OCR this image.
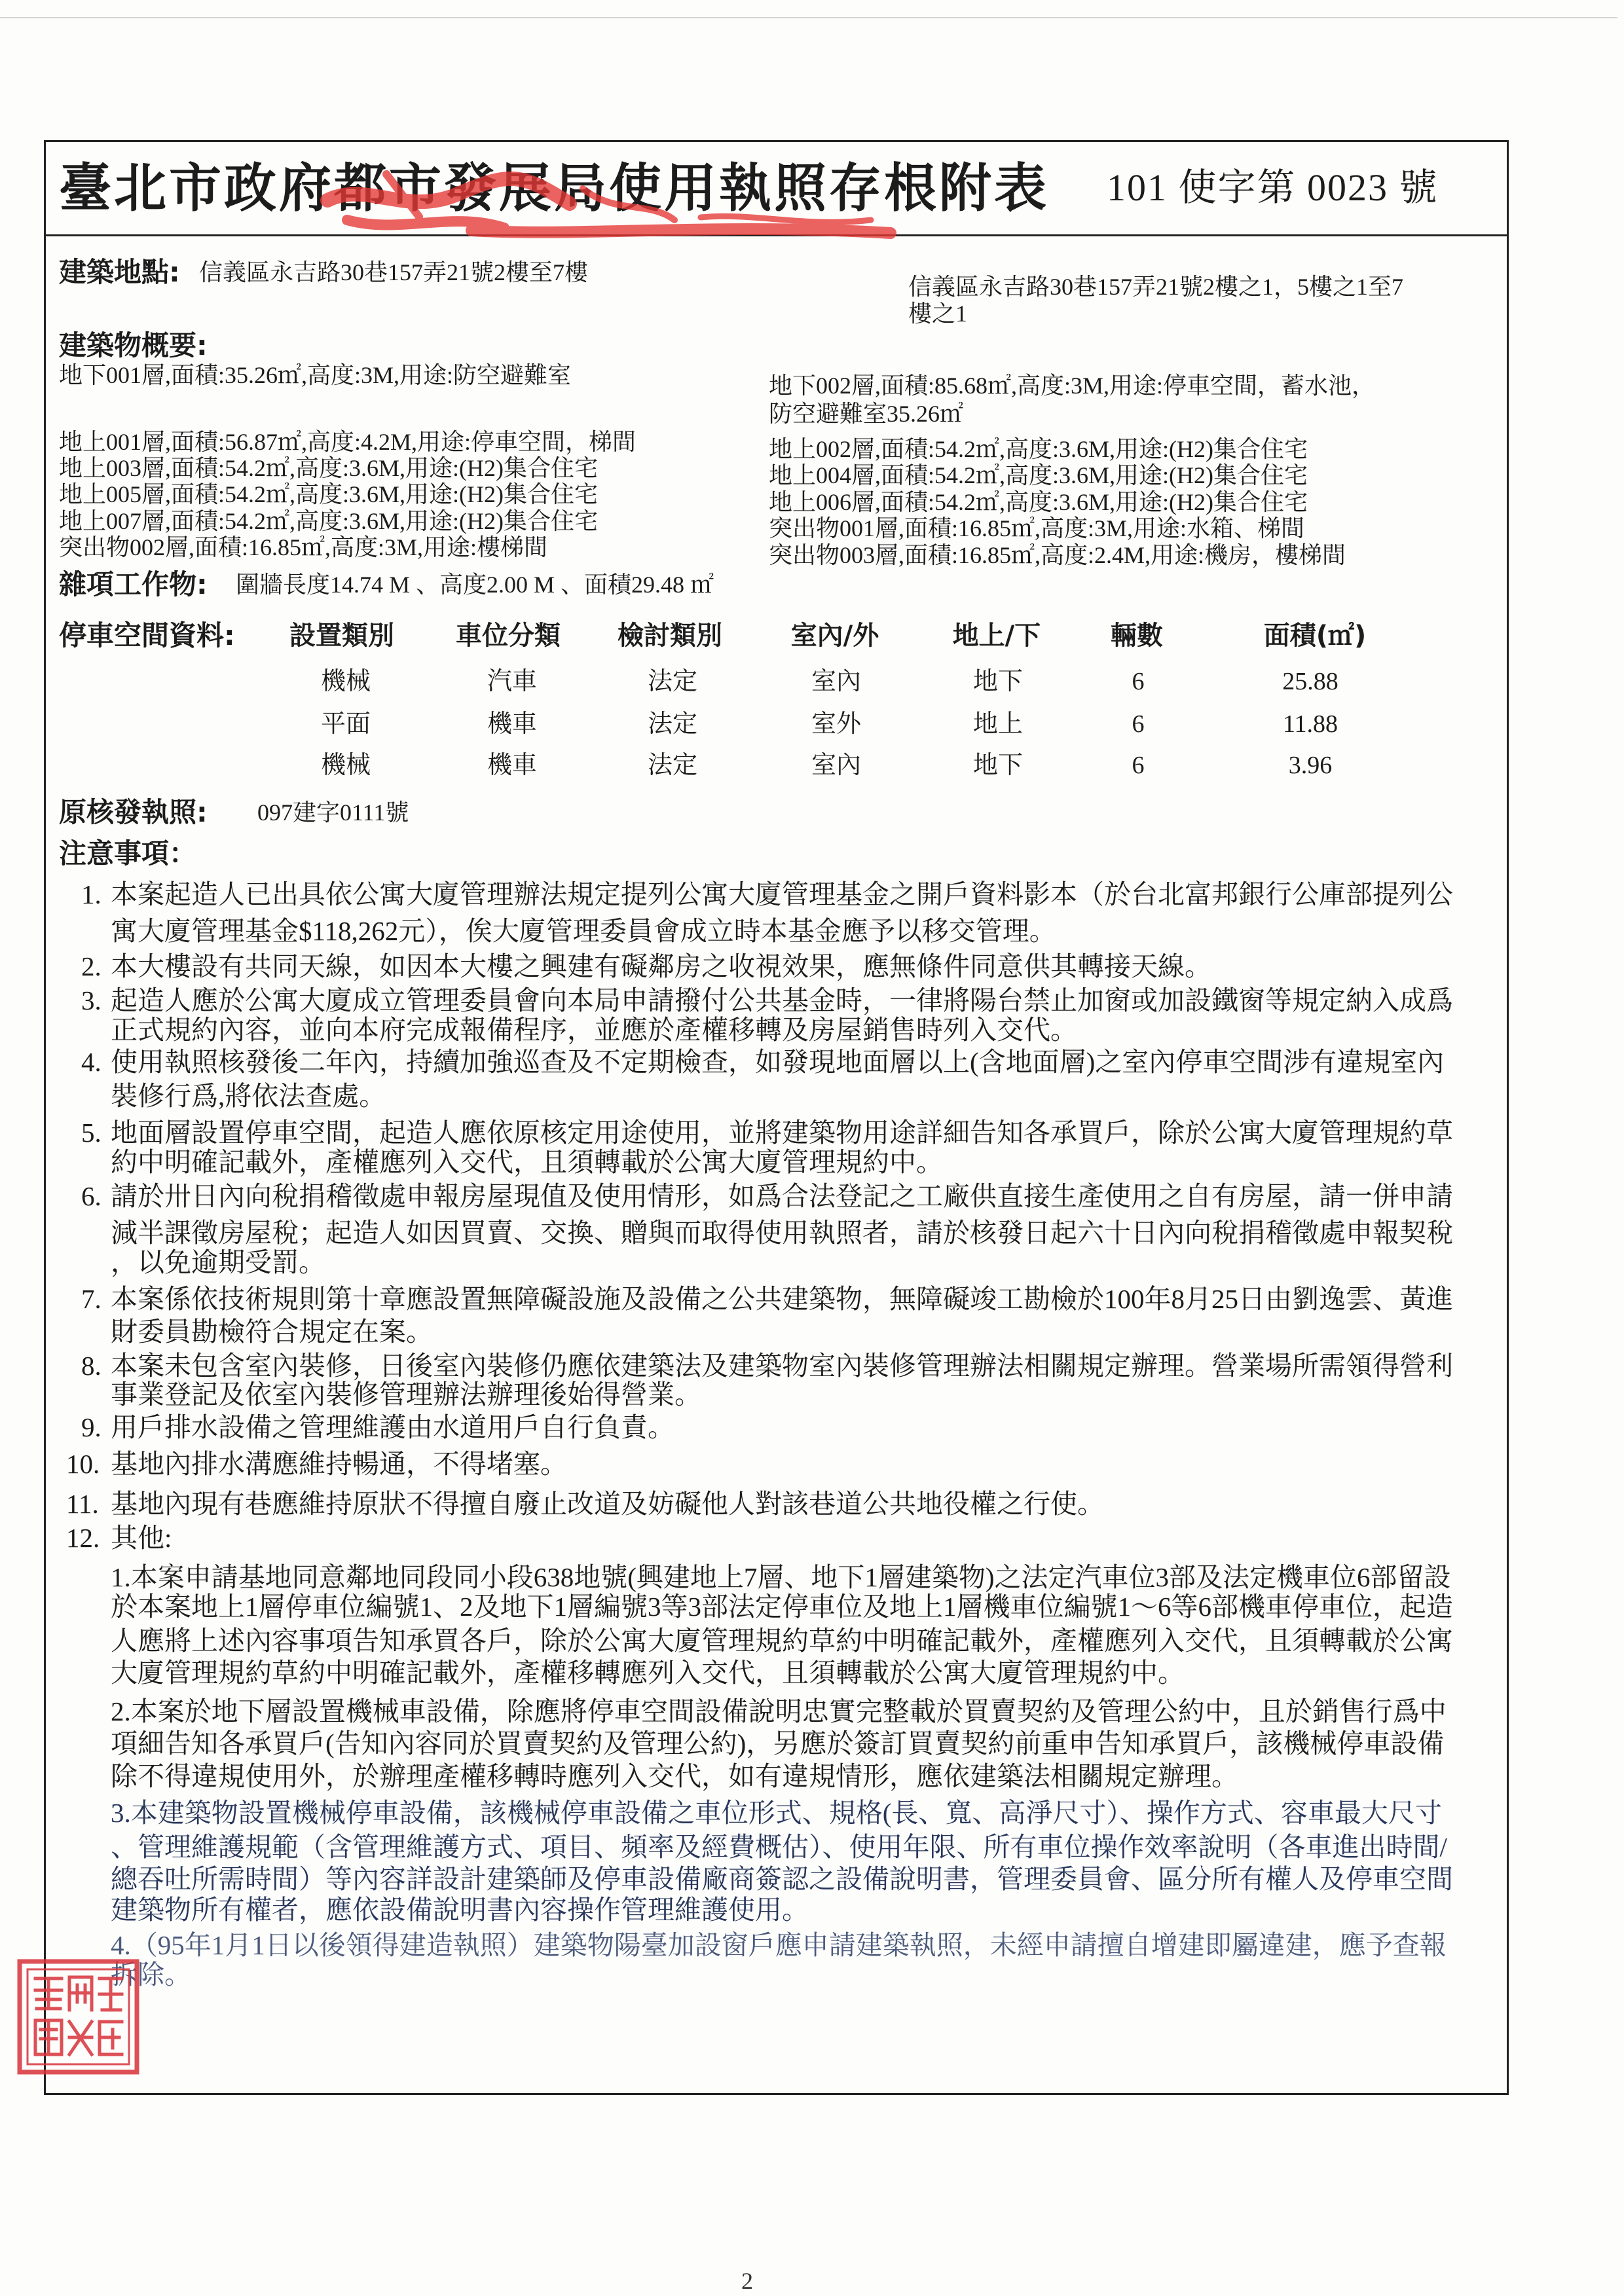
臺北市政府都市發展局使用執照存根附表 101 使字第 0023 號
建築地點: 信義區永吉路30巷157弄21號2樓至7樓
信義區永吉路30巷157弄21號2樓之1，5樓之1至7
樓之1
建築物概要:
地下001層,面積:35.26㎡,高度:3M,用途:防空避難室
地上001層,面積:56.87㎡,高度:4.2M,用途:停車空間，梯間
地上003層,面積:54.2㎡,高度:3.6M,用途:(H2)集合住宅
地上005層,面積:54.2㎡,高度:3.6M,用途:(H2)集合住宅
地上007層,面積:54.2㎡,高度:3.6M,用途:(H2)集合住宅
突出物002層,面積:16.85㎡,高度:3M,用途:樓梯間
地下002層,面積:85.68㎡,高度:3M,用途:停車空間，蓄水池，
防空避難室35.26㎡
地上002層,面積:54.2㎡,高度:3.6M,用途:(H2)集合住宅
地上004層,面積:54.2㎡,高度:3.6M,用途:(H2)集合住宅
地上006層,面積:54.2㎡,高度:3.6M,用途:(H2)集合住宅
突出物001層,面積:16.85㎡,高度:3M,用途:水箱、梯間
突出物003層,面積:16.85㎡,高度:2.4M,用途:機房，樓梯間
雜項工作物: 圍牆長度14.74 M 、高度2.00 M 、面積29.48 ㎡
停車空間資料:	設置類別	車位分類	檢討類別	室內/外	地上/下	輛數	面積(㎡)
機械	汽車	法定	室內	地下	6	25.88
平面	機車	法定	室外	地上	6	11.88
機械	機車	法定	室內	地下	6	3.96
原核發執照: 097建字0111號
注意事項：
1. 本案起造人已出具依公寓大廈管理辦法規定提列公寓大廈管理基金之開戶資料影本（於台北富邦銀行公庫部提列公
寓大廈管理基金$118,262元），俟大廈管理委員會成立時本基金應予以移交管理。
2. 本大樓設有共同天線，如因本大樓之興建有礙鄰房之收視效果，應無條件同意供其轉接天線。
3. 起造人應於公寓大廈成立管理委員會向本局申請撥付公共基金時，一律將陽台禁止加窗或加設鐵窗等規定納入成爲
正式規約內容，並向本府完成報備程序，並應於產權移轉及房屋銷售時列入交代。
4. 使用執照核發後二年內，持續加強巡查及不定期檢查，如發現地面層以上(含地面層)之室內停車空間涉有違規室內
裝修行爲,將依法查處。
5. 地面層設置停車空間，起造人應依原核定用途使用，並將建築物用途詳細告知各承買戶，除於公寓大廈管理規約草
約中明確記載外，產權應列入交代，且須轉載於公寓大廈管理規約中。
6. 請於卅日內向稅捐稽徵處申報房屋現值及使用情形，如爲合法登記之工廠供直接生產使用之自有房屋，請一併申請
減半課徵房屋稅；起造人如因買賣、交換、贈與而取得使用執照者，請於核發日起六十日內向稅捐稽徵處申報契稅
，以免逾期受罰。
7. 本案係依技術規則第十章應設置無障礙設施及設備之公共建築物，無障礙竣工勘檢於100年8月25日由劉逸雲、黃進
財委員勘檢符合規定在案。
8. 本案未包含室內裝修，日後室內裝修仍應依建築法及建築物室內裝修管理辦法相關規定辦理。營業場所需領得營利
事業登記及依室內裝修管理辦法辦理後始得營業。
9. 用戶排水設備之管理維護由水道用戶自行負責。
10. 基地內排水溝應維持暢通，不得堵塞。
11. 基地內現有巷應維持原狀不得擅自廢止改道及妨礙他人對該巷道公共地役權之行使。
12. 其他:
1.本案申請基地同意鄰地同段同小段638地號(興建地上7層、地下1層建築物)之法定汽車位3部及法定機車位6部留設
於本案地上1層停車位編號1、2及地下1層編號3等3部法定停車位及地上1層機車位編號1～6等6部機車停車位，起造
人應將上述內容事項告知承買各戶，除於公寓大廈管理規約草約中明確記載外，產權應列入交代，且須轉載於公寓
大廈管理規約草約中明確記載外，產權移轉應列入交代，且須轉載於公寓大廈管理規約中。
2.本案於地下層設置機械車設備，除應將停車空間設備說明忠實完整載於買賣契約及管理公約中，且於銷售行爲中
項細告知各承買戶(告知內容同於買賣契約及管理公約)，另應於簽訂買賣契約前重申告知承買戶，該機械停車設備
除不得違規使用外，於辦理產權移轉時應列入交代，如有違規情形，應依建築法相關規定辦理。
3.本建築物設置機械停車設備，該機械停車設備之車位形式、規格(長、寬、高淨尺寸）、操作方式、容車最大尺寸
、管理維護規範（含管理維護方式、項目、頻率及經費概估）、使用年限、所有車位操作效率說明（各車進出時間/
總吞吐所需時間）等內容詳設計建築師及停車設備廠商簽認之設備說明書，管理委員會、區分所有權人及停車空間
建築物所有權者，應依設備說明書內容操作管理維護使用。
4.（95年1月1日以後領得建造執照）建築物陽臺加設窗戶應申請建築執照，未經申請擅自增建即屬違建，應予查報
拆除。
2
